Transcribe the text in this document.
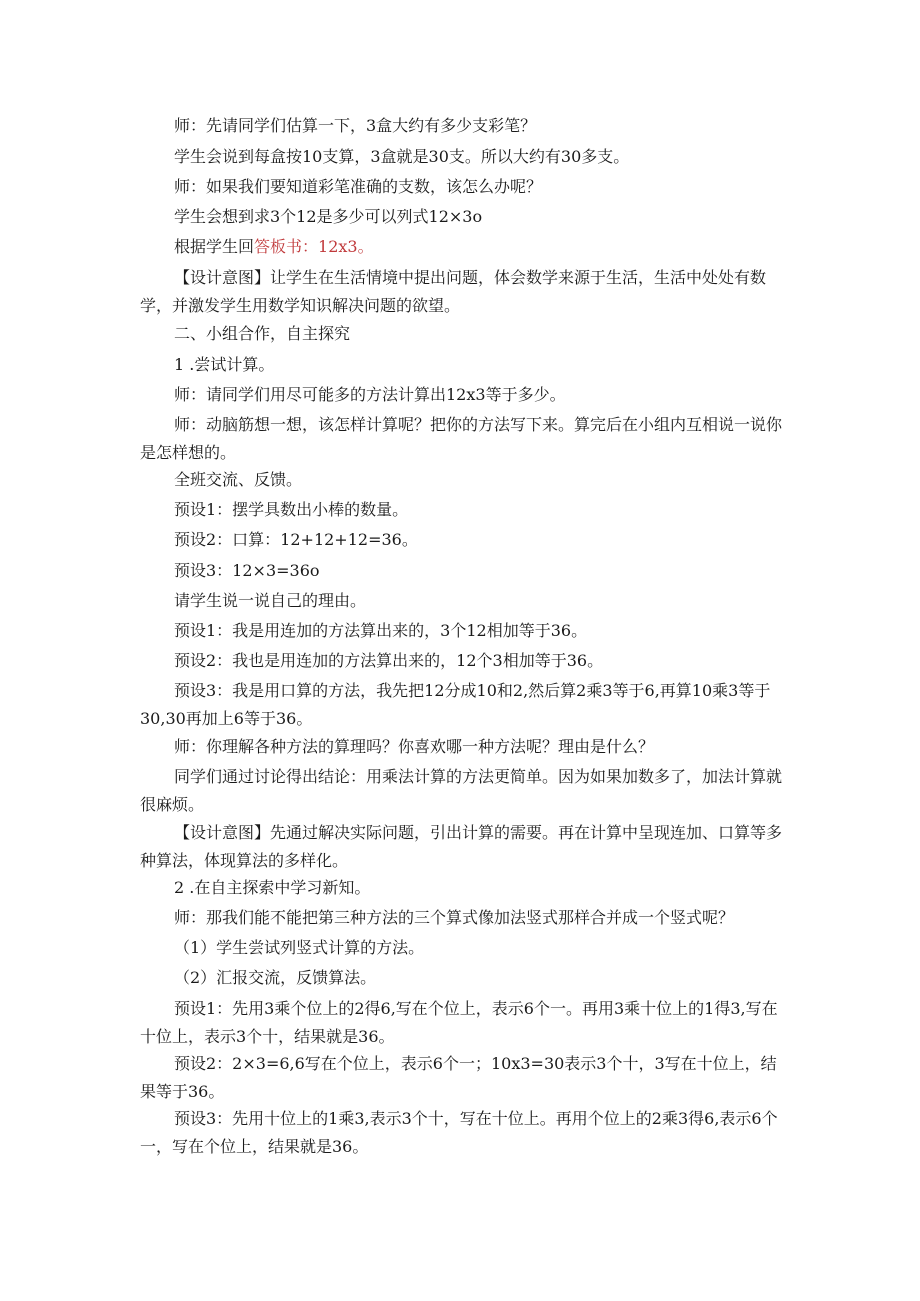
师：先请同学们估算一下，3盒大约有多少支彩笔？

学生会说到每盒按10支算，3盒就是30支。所以大约有30多支。

师：如果我们要知道彩笔准确的支数，该怎么办呢？

学生会想到求3个12是多少可以列式12×3o

根据学生回答板书：12x3。

【设计意图】让学生在生活情境中提出问题，体会数学来源于生活，生活中处处有数学，并激发学生用数学知识解决问题的欲望。

二、小组合作，自主探究

1 .尝试计算。

师：请同学们用尽可能多的方法计算出12x3等于多少。

师：动脑筋想一想，该怎样计算呢？把你的方法写下来。算完后在小组内互相说一说你是怎样想的。

全班交流、反馈。

预设1：摆学具数出小棒的数量。

预设2：口算：12+12+12=36。

预设3：12×3=36o

请学生说一说自己的理由。

预设1：我是用连加的方法算出来的，3个12相加等于36。

预设2：我也是用连加的方法算出来的，12个3相加等于36。

预设3：我是用口算的方法，我先把12分成10和2,然后算2乘3等于6,再算10乘3等于30,30再加上6等于36。

师：你理解各种方法的算理吗？你喜欢哪一种方法呢？理由是什么？

同学们通过讨论得出结论：用乘法计算的方法更简单。因为如果加数多了，加法计算就很麻烦。

【设计意图】先通过解决实际问题，引出计算的需要。再在计算中呈现连加、口算等多种算法，体现算法的多样化。

2 .在自主探索中学习新知。

师：那我们能不能把第三种方法的三个算式像加法竖式那样合并成一个竖式呢？

（1）学生尝试列竖式计算的方法。

（2）汇报交流，反馈算法。

预设1：先用3乘个位上的2得6,写在个位上，表示6个一。再用3乘十位上的1得3,写在十位上，表示3个十，结果就是36。

预设2：2×3=6,6写在个位上，表示6个一；10x3=30表示3个十，3写在十位上，结果等于36。

预设3：先用十位上的1乘3,表示3个十，写在十位上。再用个位上的2乘3得6,表示6个一，写在个位上，结果就是36。
